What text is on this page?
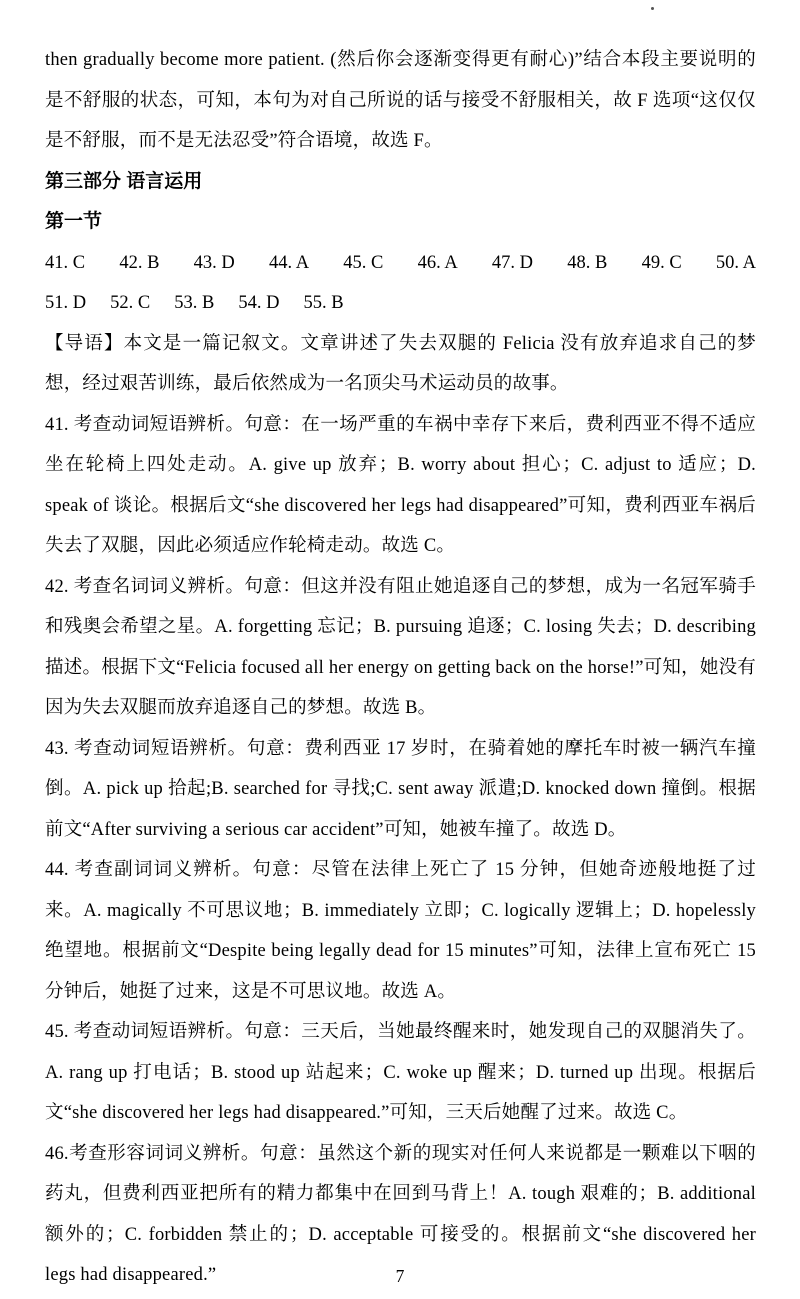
then gradually become more patient. (然后你会逐渐变得更有耐心)”结合本段主要说明的是不舒服的状态，可知，本句为对自己所说的话与接受不舒服相关，故 F 选项“这仅仅是不舒服，而不是无法忍受”符合语境，故选 F。

第三部分 语言运用
第一节
41. C 42. B 43. D 44. A 45. C 46. A 47. D 48. B 49. C 50. A
51. D 52. C 53. B 54. D 55. B

【导语】本文是一篇记叙文。文章讲述了失去双腿的 Felicia 没有放弃追求自己的梦想，经过艰苦训练，最后依然成为一名顶尖马术运动员的故事。

41. 考查动词短语辨析。句意：在一场严重的车祸中幸存下来后，费利西亚不得不适应坐在轮椅上四处走动。A. give up 放弃；B. worry about 担心；C. adjust to 适应；D. speak of 谈论。根据后文“she discovered her legs had disappeared”可知，费利西亚车祸后失去了双腿，因此必须适应作轮椅走动。故选 C。

42. 考查名词词义辨析。句意：但这并没有阻止她追逐自己的梦想，成为一名冠军骑手和残奥会希望之星。A. forgetting 忘记；B. pursuing 追逐；C. losing 失去；D. describing 描述。根据下文“Felicia focused all her energy on getting back on the horse!”可知，她没有因为失去双腿而放弃追逐自己的梦想。故选 B。

43. 考查动词短语辨析。句意：费利西亚 17 岁时，在骑着她的摩托车时被一辆汽车撞倒。A. pick up 拾起;B. searched for 寻找;C. sent away 派遣;D. knocked down 撞倒。根据前文“After surviving a serious car accident”可知，她被车撞了。故选 D。

44. 考查副词词义辨析。句意：尽管在法律上死亡了 15 分钟，但她奇迹般地挺了过来。A. magically 不可思议地；B. immediately 立即；C. logically 逻辑上；D. hopelessly 绝望地。根据前文“Despite being legally dead for 15 minutes”可知，法律上宣布死亡 15 分钟后，她挺了过来，这是不可思议地。故选 A。

45. 考查动词短语辨析。句意：三天后，当她最终醒来时，她发现自己的双腿消失了。 A. rang up 打电话；B. stood up 站起来；C. woke up 醒来；D. turned up 出现。根据后文“she discovered her legs had disappeared.”可知，三天后她醒了过来。故选 C。

46.考查形容词词义辨析。句意：虽然这个新的现实对任何人来说都是一颗难以下咽的药丸，但费利西亚把所有的精力都集中在回到马背上！A. tough 艰难的；B. additional 额外的；C. forbidden 禁止的；D. acceptable 可接受的。根据前文“she discovered her legs had disappeared.”	7
